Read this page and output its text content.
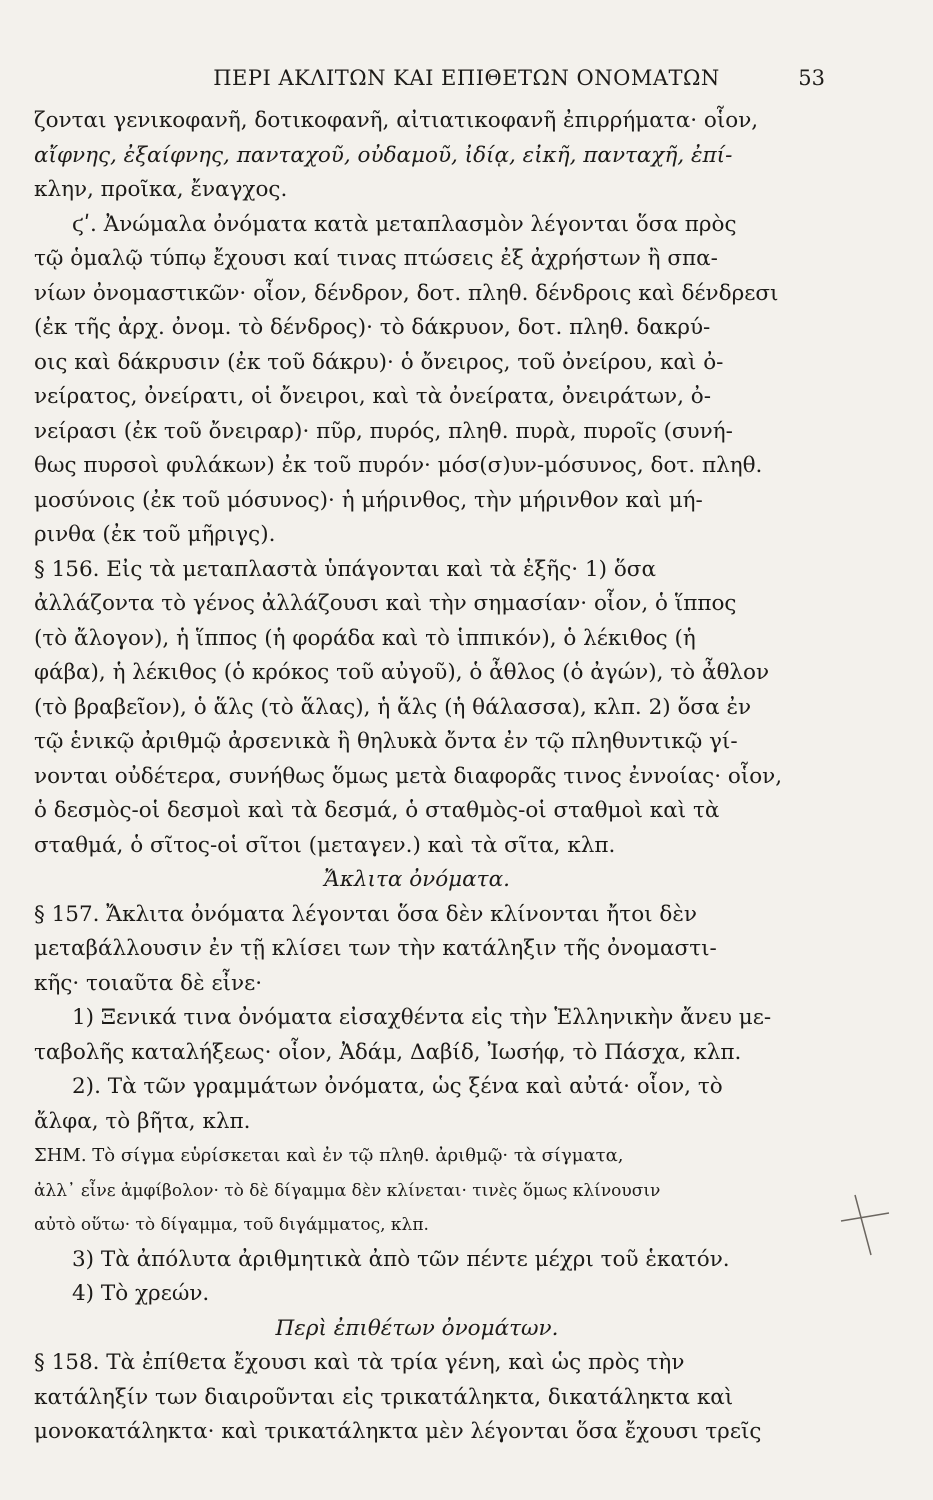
ΠΕΡΙ ΑΚΛΙΤΩΝ ΚΑΙ ΕΠΙΘΕΤΩΝ ΟΝΟΜΑΤΩΝ	53
ζονται γενικοφανῆ, δοτικοφανῆ, αἰτιατικοφανῆ ἐπιρρήματα· οἷον,
αἴφνης, ἐξαίφνης, πανταχοῦ, οὐδαμοῦ, ἰδίᾳ, εἰκῆ, πανταχῆ, ἐπί-
κλην, προῖκα, ἔναγχος.
ϛʹ. Ἀνώμαλα ὀνόματα κατὰ μεταπλασμὸν λέγονται ὅσα πρὸς
τῷ ὁμαλῷ τύπῳ ἔχουσι καί τινας πτώσεις ἐξ ἀχρήστων ἢ σπα-
νίων ὀνομαστικῶν· οἷον, δένδρον, δοτ. πληθ. δένδροις καὶ δένδρεσι
(ἐκ τῆς ἀρχ. ὀνομ. τὸ δένδρος)· τὸ δάκρυον, δοτ. πληθ. δακρύ-
οις καὶ δάκρυσιν (ἐκ τοῦ δάκρυ)· ὁ ὄνειρος, τοῦ ὀνείρου, καὶ ὀ-
νείρατος, ὀνείρατι, οἱ ὄνειροι, καὶ τὰ ὀνείρατα, ὀνειράτων, ὀ-
νείρασι (ἐκ τοῦ ὄνειραρ)· πῦρ, πυρός, πληθ. πυρὰ, πυροῖς (συνή-
θως πυρσοὶ φυλάκων) ἐκ τοῦ πυρόν· μόσ(σ)υν-μόσυνος, δοτ. πληθ.
μοσύνοις (ἐκ τοῦ μόσυνος)· ἡ μήρινθος, τὴν μήρινθον καὶ μή-
ρινθα (ἐκ τοῦ μῆριγς).
§ 156. Εἰς τὰ μεταπλαστὰ ὑπάγονται καὶ τὰ ἑξῆς· 1) ὅσα
ἀλλάζοντα τὸ γένος ἀλλάζουσι καὶ τὴν σημασίαν· οἷον, ὁ ἵππος
(τὸ ἄλογον), ἡ ἵππος (ἡ φοράδα καὶ τὸ ἱππικόν), ὁ λέκιθος (ἡ
φάβα), ἡ λέκιθος (ὁ κρόκος τοῦ αὐγοῦ), ὁ ἆθλος (ὁ ἀγών), τὸ ἆθλον
(τὸ βραβεῖον), ὁ ἅλς (τὸ ἅλας), ἡ ἅλς (ἡ θάλασσα), κλπ. 2) ὅσα ἐν
τῷ ἑνικῷ ἀριθμῷ ἀρσενικὰ ἢ θηλυκὰ ὄντα ἐν τῷ πληθυντικῷ γί-
νονται οὐδέτερα, συνήθως ὅμως μετὰ διαφορᾶς τινος ἐννοίας· οἷον,
ὁ δεσμὸς-οἱ δεσμοὶ καὶ τὰ δεσμά, ὁ σταθμὸς-οἱ σταθμοὶ καὶ τὰ
σταθμά, ὁ σῖτος-οἱ σῖτοι (μεταγεν.) καὶ τὰ σῖτα, κλπ.
Ἄκλιτα ὀνόματα.
§ 157. Ἄκλιτα ὀνόματα λέγονται ὅσα δὲν κλίνονται ἤτοι δὲν
μεταβάλλουσιν ἐν τῇ κλίσει των τὴν κατάληξιν τῆς ὀνομαστι-
κῆς· τοιαῦτα δὲ εἶνε·
1) Ξενικά τινα ὀνόματα εἰσαχθέντα εἰς τὴν Ἑλληνικὴν ἄνευ με-
ταβολῆς καταλήξεως· οἷον, Ἀδάμ, Δαβίδ, Ἰωσήφ, τὸ Πάσχα, κλπ.
2). Τὰ τῶν γραμμάτων ὀνόματα, ὡς ξένα καὶ αὐτά· οἷον, τὸ
ἄλφα, τὸ βῆτα, κλπ.
ΣΗΜ. Τὸ σίγμα εὑρίσκεται καὶ ἐν τῷ πληθ. ἀριθμῷ· τὰ σίγματα,
ἀλλ᾽ εἶνε ἀμφίβολον· τὸ δὲ δίγαμμα δὲν κλίνεται· τινὲς ὅμως κλίνουσιν
αὐτὸ οὕτω· τὸ δίγαμμα, τοῦ διγάμματος, κλπ.
3) Τὰ ἀπόλυτα ἀριθμητικὰ ἀπὸ τῶν πέντε μέχρι τοῦ ἑκατόν.
4) Τὸ χρεών.
Περὶ ἐπιθέτων ὀνομάτων.
§ 158. Τὰ ἐπίθετα ἔχουσι καὶ τὰ τρία γένη, καὶ ὡς πρὸς τὴν
κατάληξίν των διαιροῦνται εἰς τρικατάληκτα, δικατάληκτα καὶ
μονοκατάληκτα· καὶ τρικατάληκτα μὲν λέγονται ὅσα ἔχουσι τρεῖς
